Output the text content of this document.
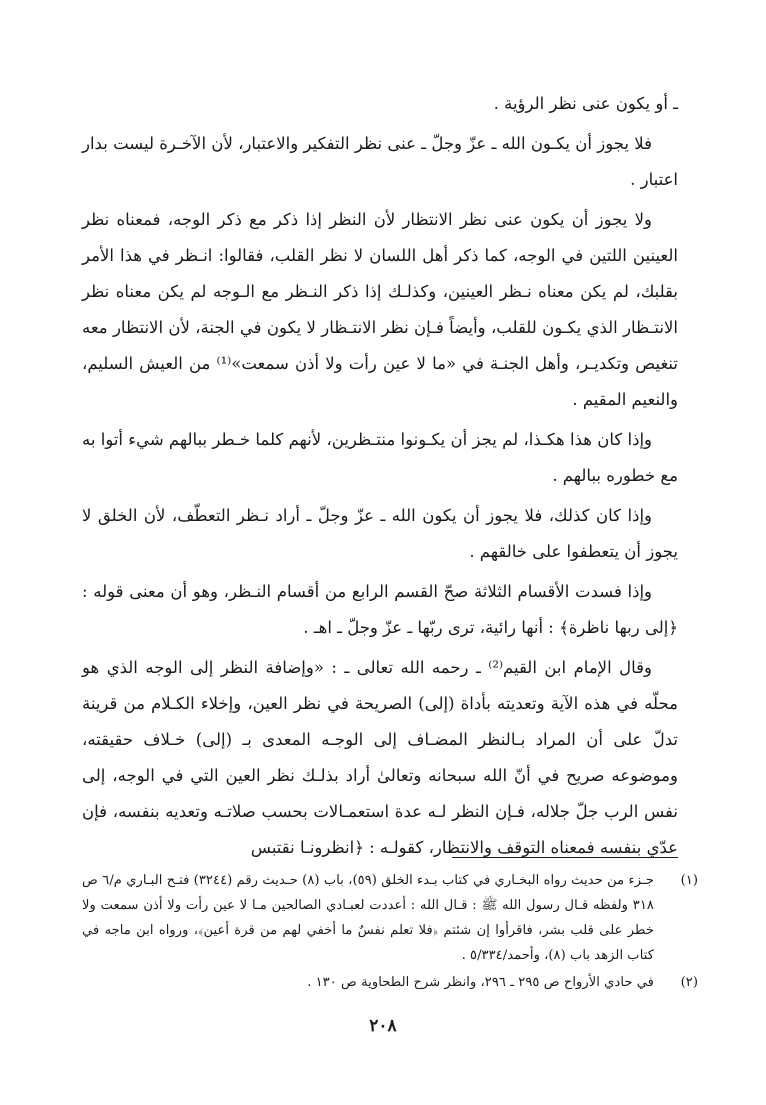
ـ أو يكون عنى نظر الرؤية .

فلا يجوز أن يكـون الله ـ عزّ وجلّ ـ عنى نظر التفكير والاعتبار، لأن الآخـرة ليست بدار اعتبار .

ولا يجوز أن يكون عنى نظر الانتظار لأن النظر إذا ذكر مع ذكر الوجه، فمعناه نظر العينين اللتين في الوجه، كما ذكر أهل اللسان لا نظر القلب، فقالوا: انـظر في هذا الأمر بقلبك، لم يكن معناه نـظر العينين، وكذلـك إذا ذكر النـظر مع الـوجه لم يكن معناه نظر الانتـظار الذي يكـون للقلب، وأيضاً فـإن نظر الانتـظار لا يكون في الجنة، لأن الانتظار معه تنغيص وتكديـر، وأهل الجنـة في «ما لا عين رأت ولا أذن سمعت»⁽¹⁾ من العيش السليم، والنعيم المقيم .

وإذا كان هذا هكـذا، لم يجز أن يكـونوا منتـظرين، لأنهم كلما خـطر ببالهم شيء أتوا به مع خطوره ببالهم .

وإذا كان كذلك، فلا يجوز أن يكون الله ـ عزّ وجلّ ـ أراد نـظر التعطّف، لأن الخلق لا يجوز أن يتعطفوا على خالقهم .

وإذا فسدت الأقسام الثلاثة صحّ القسم الرابع من أقسام النـظر، وهو أن معنى قوله : ﴿إلى ربها ناظرة﴾ : أنها رائية، ترى ربّها ـ عزّ وجلّ ـ اهـ .

وقال الإمام ابن القيم⁽²⁾ ـ رحمه الله تعالى ـ : «وإضافة النظر إلى الوجه الذي هو محلّه في هذه الآية وتعديته بأداة (إلى) الصريحة في نظر العين، وإخلاء الكـلام من قرينة تدلّ على أن المراد بـالنظر المضـاف إلى الوجـه المعدى بـ (إلى) خـلاف حقيقته، وموضوعه صريح في أنّ الله سبحانه وتعالىٰ أراد بذلـك نظر العين التي في الوجه، إلى نفس الرب جلّ جلاله، فـإن النظر لـه عدة استعمـالات بحسب صلاتـه وتعديه بنفسه، فإن عدّي بنفسه فمعناه التوقف والانتظار، كقولـه : ﴿انظرونـا نقتبس

(١)
جـزء من حديث رواه البخـاري في كتاب بـدء الخلق (٥٩)، باب (٨) حـديث رقم (٣٢٤٤) فتـح البـاري م/٦ ص ٣١٨ ولفظه قـال رسول الله ﷺ : قـال الله : أعددت لعبـادي الصالحين مـا لا عين رأت ولا أذن سمعت ولا خطر على قلب بشر، فاقرأوا إن شئتم ﴿فلا تعلم نفسٌ ما أخفي لهم من قرة أعين﴾، ورواه ابن ماجه في كتاب الزهد باب (٨)، وأحمد/٥/٣٣٤ .
(٢)
في حادي الأرواح ص ٢٩٥ ـ ٢٩٦، وانظر شرح الطحاوية ص ١٣٠ .
٢٠٨
